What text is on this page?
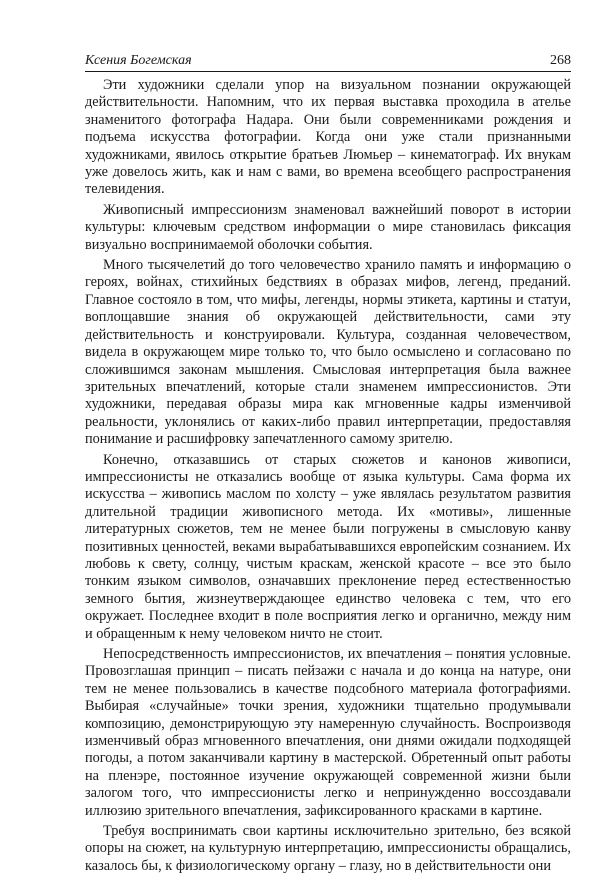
Ксения Богемская	268

Эти художники сделали упор на визуальном познании окружающей действительности. Напомним, что их первая выставка проходила в ателье знаменитого фотографа Надара. Они были современниками рождения и подъема искусства фотографии. Когда они уже стали признанными художниками, явилось открытие братьев Люмьер – кинематограф. Их внукам уже довелось жить, как и нам с вами, во времена всеобщего распространения телевидения.

Живописный импрессионизм знаменовал важнейший поворот в истории культуры: ключевым средством информации о мире становилась фиксация визуально воспринимаемой оболочки события.

Много тысячелетий до того человечество хранило память и информацию о героях, войнах, стихийных бедствиях в образах мифов, легенд, преданий. Главное состояло в том, что мифы, легенды, нормы этикета, картины и статуи, воплощавшие знания об окружающей действительности, сами эту действительность и конструировали. Культура, созданная человечеством, видела в окружающем мире только то, что было осмыслено и согласовано по сложившимся законам мышления. Смысловая интерпретация была важнее зрительных впечатлений, которые стали знаменем импрессионистов. Эти художники, передавая образы мира как мгновенные кадры изменчивой реальности, уклонялись от каких-либо правил интерпретации, предоставляя понимание и расшифровку запечатленного самому зрителю.

Конечно, отказавшись от старых сюжетов и канонов живописи, импрессионисты не отказались вообще от языка культуры. Сама форма их искусства – живопись маслом по холсту – уже являлась результатом развития длительной традиции живописного метода. Их «мотивы», лишенные литературных сюжетов, тем не менее были погружены в смысловую канву позитивных ценностей, веками вырабатывавшихся европейским сознанием. Их любовь к свету, солнцу, чистым краскам, женской красоте – все это было тонким языком символов, означавших преклонение перед естественностью земного бытия, жизнеутверждающее единство человека с тем, что его окружает. Последнее входит в поле восприятия легко и органично, между ним и обращенным к нему человеком ничто не стоит.

Непосредственность импрессионистов, их впечатления – понятия условные. Провозглашая принцип – писать пейзажи с начала и до конца на натуре, они тем не менее пользовались в качестве подсобного материала фотографиями. Выбирая «случайные» точки зрения, художники тщательно продумывали композицию, демонстрирующую эту намеренную случайность. Воспроизводя изменчивый образ мгновенного впечатления, они днями ожидали подходящей погоды, а потом заканчивали картину в мастерской. Обретенный опыт работы на пленэре, постоянное изучение окружающей современной жизни были залогом того, что импрессионисты легко и непринужденно воссоздавали иллюзию зрительного впечатления, зафиксированного красками в картине.

Требуя воспринимать свои картины исключительно зрительно, без всякой опоры на сюжет, на культурную интерпретацию, импрессионисты обращались, казалось бы, к физиологическому органу – глазу, но в действительности они
